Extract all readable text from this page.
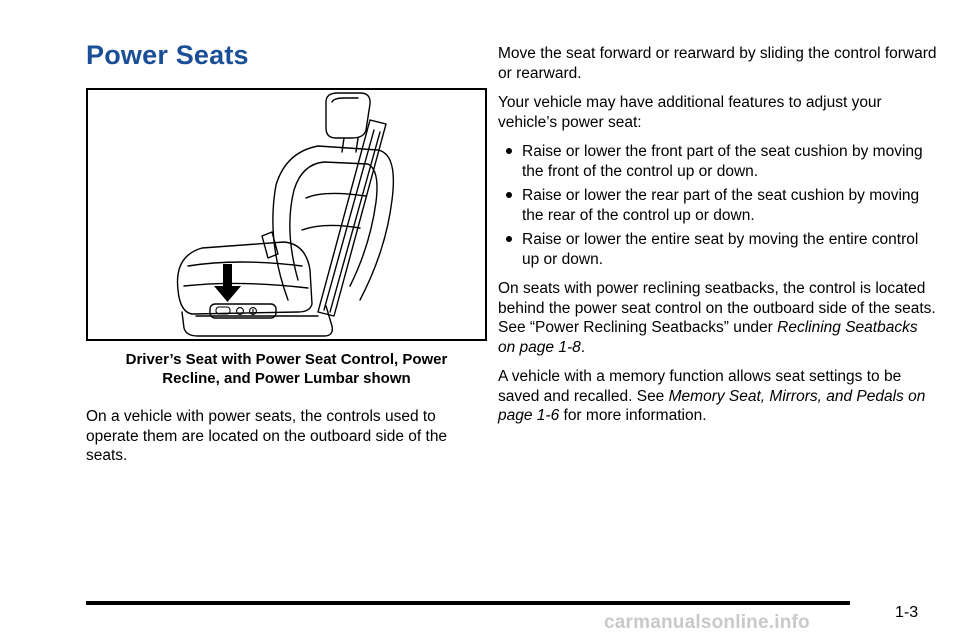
Power Seats
Driver’s Seat with Power Seat Control, Power
Recline, and Power Lumbar shown

On a vehicle with power seats, the controls used to operate them are located on the outboard side of the seats.

Move the seat forward or rearward by sliding the control forward or rearward.

Your vehicle may have additional features to adjust your vehicle’s power seat:

Raise or lower the front part of the seat cushion by moving the front of the control up or down.
Raise or lower the rear part of the seat cushion by moving the rear of the control up or down.
Raise or lower the entire seat by moving the entire control up or down.

On seats with power reclining seatbacks, the control is located behind the power seat control on the outboard side of the seats. See “Power Reclining Seatbacks” under Reclining Seatbacks on page 1-8.

A vehicle with a memory function allows seat settings to be saved and recalled. See Memory Seat, Mirrors, and Pedals on page 1-6 for more information.

1-3
carmanualsonline.info
